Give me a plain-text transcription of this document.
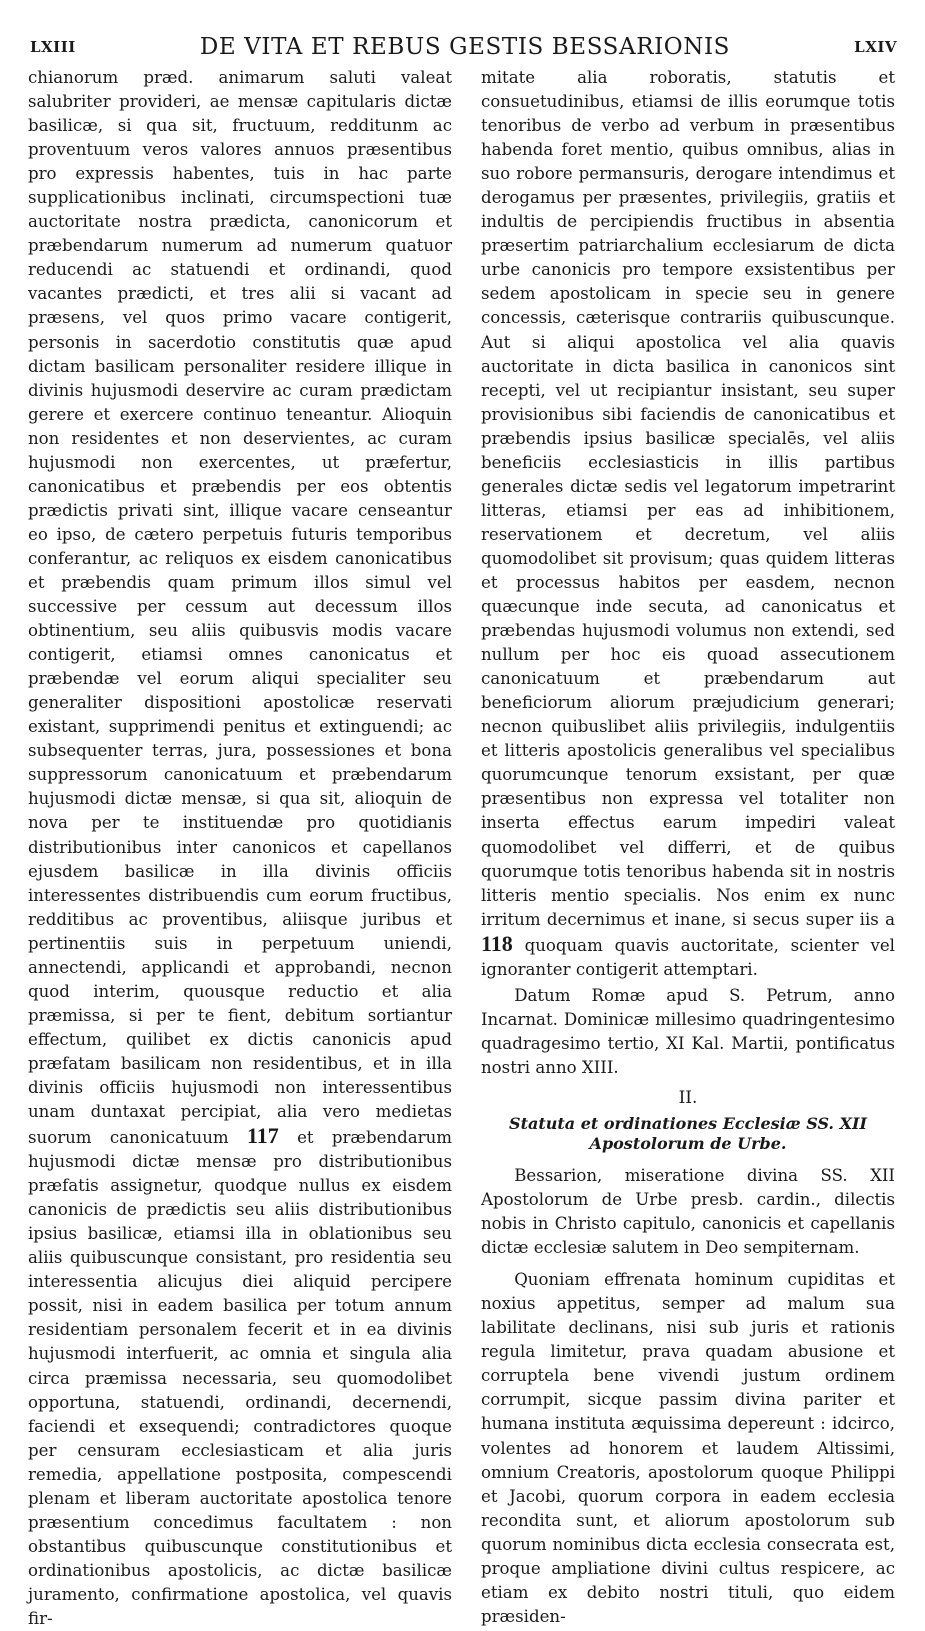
LXIII	DE VITA ET REBUS GESTIS BESSARIONIS	LXIV

chianorum præd. animarum saluti valeat salubriter provideri, ae mensæ capitularis dictæ basilicæ, si qua sit, fructuum, redditunm ac proventuum veros valores annuos præsentibus pro expressis habentes, tuis in hac parte supplicationibus inclinati, circumspectioni tuæ auctoritate nostra prædicta, canonicorum et præbendarum numerum ad numerum quatuor reducendi ac statuendi et ordinandi, quod vacantes prædicti, et tres alii si vacant ad præsens, vel quos primo vacare contigerit, personis in sacerdotio constitutis quæ apud dictam basilicam personaliter residere illique in divinis hujusmodi deservire ac curam prædictam gerere et exercere continuo teneantur. Alioquin non residentes et non deservientes, ac curam hujusmodi non exercentes, ut præfertur, canonicatibus et præbendis per eos obtentis prædictis privati sint, illique vacare censeantur eo ipso, de cætero perpetuis futuris temporibus conferantur, ac reliquos ex eisdem canonicatibus et præbendis quam primum illos simul vel successive per cessum aut decessum illos obtinentium, seu aliis quibusvis modis vacare contigerit, etiamsi omnes canonicatus et præbendæ vel eorum aliqui specialiter seu generaliter dispositioni apostolicæ reservati existant, supprimendi penitus et extinguendi; ac subsequenter terras, jura, possessiones et bona suppressorum canonicatuum et præbendarum hujusmodi dictæ mensæ, si qua sit, alioquin de nova per te instituendæ pro quotidianis distributionibus inter canonicos et capellanos ejusdem basilicæ in illa divinis officiis interessentes distribuendis cum eorum fructibus, redditibus ac proventibus, aliisque juribus et pertinentiis suis in perpetuum uniendi, annectendi, applicandi et approbandi, necnon quod interim, quousque reductio et alia præmissa, si per te fient, debitum sortiantur effectum, quilibet ex dictis canonicis apud præfatam basilicam non residentibus, et in illa divinis officiis hujusmodi non interessentibus unam duntaxat percipiat, alia vero medietas suorum canonicatuum 117 et præbendarum hujusmodi dictæ mensæ pro distributionibus præfatis assignetur, quodque nullus ex eisdem canonicis de prædictis seu aliis distributionibus ipsius basilicæ, etiamsi illa in oblationibus seu aliis quibuscunque consistant, pro residentia seu interessentia alicujus diei aliquid percipere possit, nisi in eadem basilica per totum annum residentiam personalem fecerit et in ea divinis hujusmodi interfuerit, ac omnia et singula alia circa præmissa necessaria, seu quomodolibet opportuna, statuendi, ordinandi, decernendi, faciendi et exsequendi; contradictores quoque per censuram ecclesiasticam et alia juris remedia, appellatione postposita, compescendi plenam et liberam auctoritate apostolica tenore præsentium concedimus facultatem : non obstantibus quibuscunque constitutionibus et ordinationibus apostolicis, ac dictæ basilicæ juramento, confirmatione apostolica, vel quavis fir-

mitate alia roboratis, statutis et consuetudinibus, etiamsi de illis eorumque totis tenoribus de verbo ad verbum in præsentibus habenda foret mentio, quibus omnibus, alias in suo robore permansuris, derogare intendimus et derogamus per præsentes, privilegiis, gratiis et indultis de percipiendis fructibus in absentia præsertim patriarchalium ecclesiarum de dicta urbe canonicis pro tempore exsistentibus per sedem apostolicam in specie seu in genere concessis, cæterisque contrariis quibuscunque. Aut si aliqui apostolica vel alia quavis auctoritate in dicta basilica in canonicos sint recepti, vel ut recipiantur insistant, seu super provisionibus sibi faciendis de canonicatibus et præbendis ipsius basilicæ specialēs, vel aliis beneficiis ecclesiasticis in illis partibus generales dictæ sedis vel legatorum impetrarint litteras, etiamsi per eas ad inhibitionem, reservationem et decretum, vel aliis quomodolibet sit provisum; quas quidem litteras et processus habitos per easdem, necnon quæcunque inde secuta, ad canonicatus et præbendas hujusmodi volumus non extendi, sed nullum per hoc eis quoad assecutionem canonicatuum et præbendarum aut beneficiorum aliorum præjudicium generari; necnon quibuslibet aliis privilegiis, indulgentiis et litteris apostolicis generalibus vel specialibus quorumcunque tenorum exsistant, per quæ præsentibus non expressa vel totaliter non inserta effectus earum impediri valeat quomodolibet vel differri, et de quibus quorumque totis tenoribus habenda sit in nostris litteris mentio specialis. Nos enim ex nunc irritum decernimus et inane, si secus super iis a 118 quoquam quavis auctoritate, scienter vel ignoranter contigerit attemptari.

Datum Romæ apud S. Petrum, anno Incarnat. Dominicæ millesimo quadringentesimo quadragesimo tertio, XI Kal. Martii, pontificatus nostri anno XIII.

II.

Statuta et ordinationes Ecclesiæ SS. XII Apostolorum de Urbe.

Bessarion, miseratione divina SS. XII Apostolorum de Urbe presb. cardin., dilectis nobis in Christo capitulo, canonicis et capellanis dictæ ecclesiæ salutem in Deo sempiternam.

Quoniam effrenata hominum cupiditas et noxius appetitus, semper ad malum sua labilitate declinans, nisi sub juris et rationis regula limitetur, prava quadam abusione et corruptela bene vivendi justum ordinem corrumpit, sicque passim divina pariter et humana instituta æquissima depereunt : idcirco, volentes ad honorem et laudem Altissimi, omnium Creatoris, apostolorum quoque Philippi et Jacobi, quorum corpora in eadem ecclesia recondita sunt, et aliorum apostolorum sub quorum nominibus dicta ecclesia consecrata est, proque ampliatione divini cultus respicere, ac etiam ex debito nostri tituli, quo eidem præsiden-
